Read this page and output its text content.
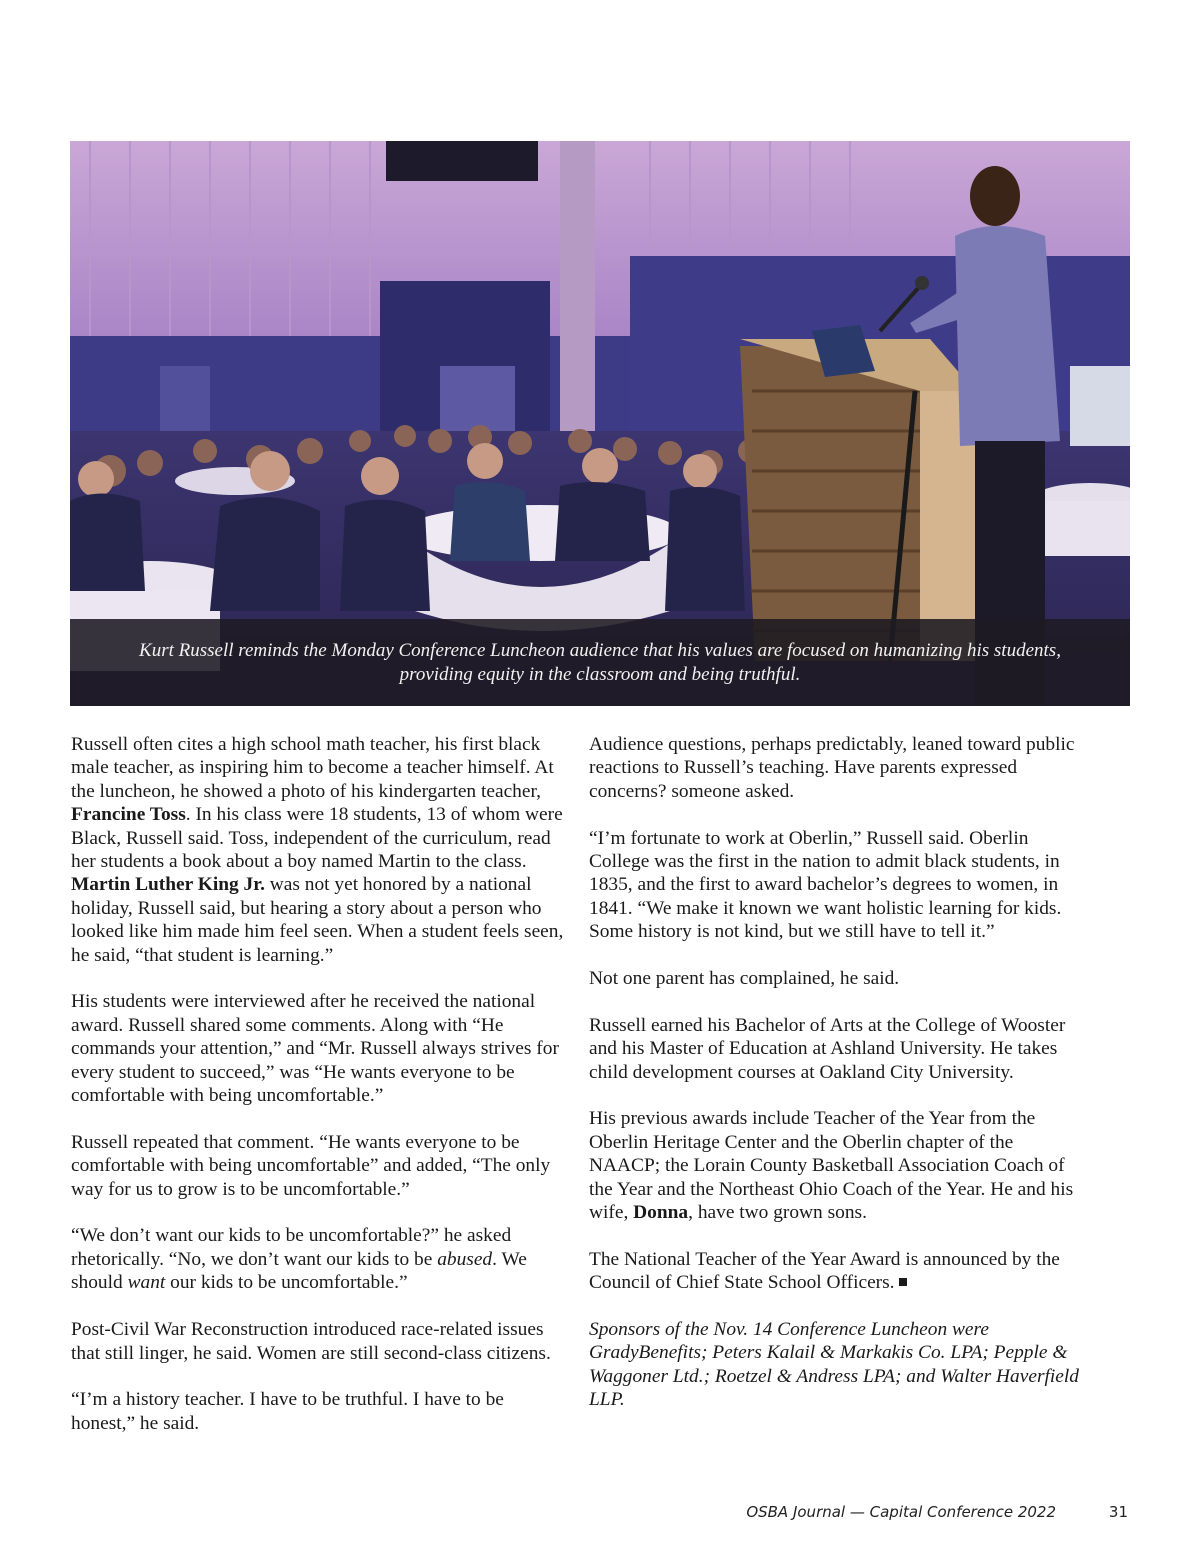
Kurt Russell reminds the Monday Conference Luncheon audience that his values are focused on humanizing his students, providing equity in the classroom and being truthful.

Russell often cites a high school math teacher, his first black male teacher, as inspiring him to become a teacher himself. At the luncheon, he showed a photo of his kindergarten teacher, Francine Toss. In his class were 18 students, 13 of whom were Black, Russell said. Toss, independent of the curriculum, read her students a book about a boy named Martin to the class. Martin Luther King Jr. was not yet honored by a national holiday, Russell said, but hearing a story about a person who looked like him made him feel seen. When a student feels seen, he said, “that student is learning.”

His students were interviewed after he received the national award. Russell shared some comments. Along with “He commands your attention,” and “Mr. Russell always strives for every student to succeed,” was “He wants everyone to be comfortable with being uncomfortable.”

Russell repeated that comment. “He wants everyone to be comfortable with being uncomfortable” and added, “The only way for us to grow is to be uncomfortable.”

“We don’t want our kids to be uncomfortable?” he asked rhetorically. “No, we don’t want our kids to be abused. We should want our kids to be uncomfortable.”

Post-Civil War Reconstruction introduced race-related issues that still linger, he said. Women are still second-class citizens.

“I’m a history teacher. I have to be truthful. I have to be honest,” he said.

Audience questions, perhaps predictably, leaned toward public reactions to Russell’s teaching. Have parents expressed concerns? someone asked.

“I’m fortunate to work at Oberlin,” Russell said. Oberlin College was the first in the nation to admit black students, in 1835, and the first to award bachelor’s degrees to women, in 1841. “We make it known we want holistic learning for kids. Some history is not kind, but we still have to tell it.”

Not one parent has complained, he said.

Russell earned his Bachelor of Arts at the College of Wooster and his Master of Education at Ashland University. He takes child development courses at Oakland City University.

His previous awards include Teacher of the Year from the Oberlin Heritage Center and the Oberlin chapter of the NAACP; the Lorain County Basketball Association Coach of the Year and the Northeast Ohio Coach of the Year. He and his wife, Donna, have two grown sons.

The National Teacher of the Year Award is announced by the Council of Chief State School Officers.

Sponsors of the Nov. 14 Conference Luncheon were GradyBenefits; Peters Kalail & Markakis Co. LPA; Pepple & Waggoner Ltd.; Roetzel & Andress LPA; and Walter Haverfield LLP.

OSBA Journal — Capital Conference 2022	31
